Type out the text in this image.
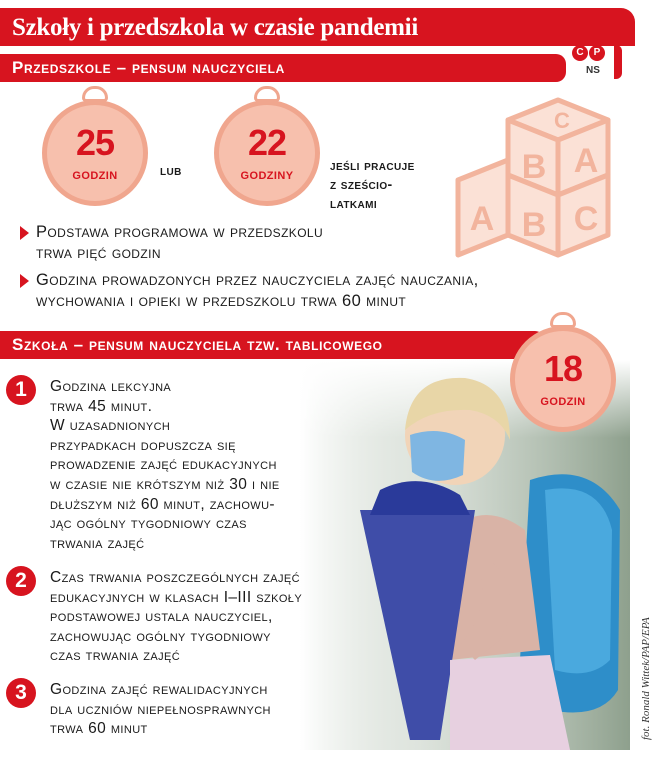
Szkoły i przedszkola w czasie pandemii
C	P
NS
Przedszkole – pensum nauczyciela
25
godzin	lub
22
godziny
jeśli pracuje
z sześcio-
latkami
B A
C
B C
A
Podstawa programowa w przedszkolu
trwa pięć godzin
Godzina prowadzonych przez nauczyciela zajęć nauczania,
wychowania i opieki w przedszkolu trwa 60 minut
Szkoła – pensum nauczyciela tzw. tablicowego
18
godzin
1	Godzina lekcyjna
trwa 45 minut.
W uzasadnionych
przypadkach dopuszcza się
prowadzenie zajęć edukacyjnych
w czasie nie krótszym niż 30 i nie
dłuższym niż 60 minut, zachowu-
jąc ogólny tygodniowy czas
trwania zajęć
2	Czas trwania poszczególnych zajęć
edukacyjnych w klasach I–III szkoły
podstawowej ustala nauczyciel,
zachowując ogólny tygodniowy
czas trwania zajęć
3	Godzina zajęć rewalidacyjnych
dla uczniów niepełnosprawnych
trwa 60 minut	fot. Ronald Wittek/PAP/EPA
